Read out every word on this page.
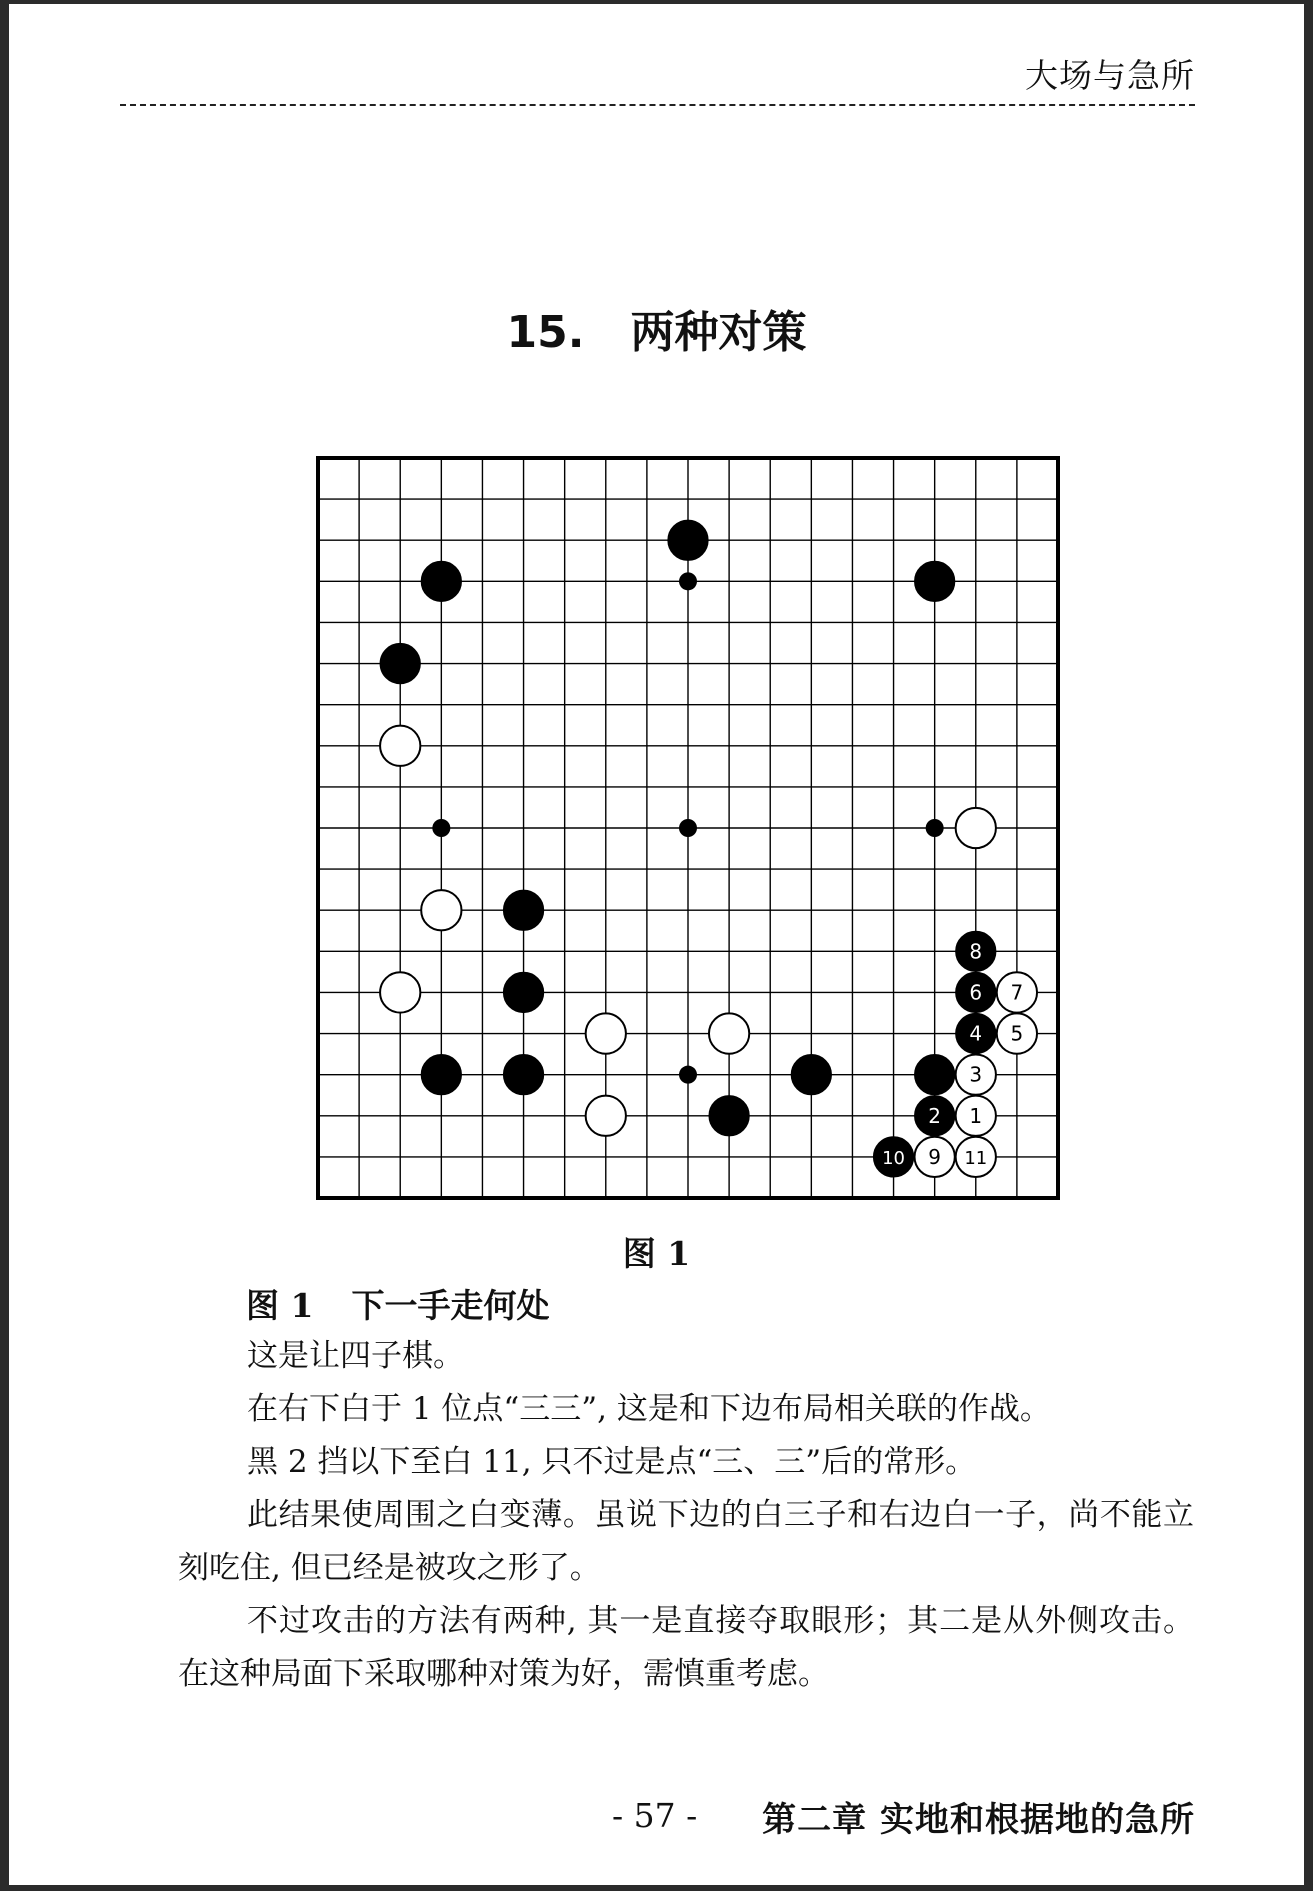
大场与急所
15. 两种对策
1
2
3
4 5
6 7
8
9
10	11
图 1
图 1 下一手走何处

这是让四子棋。

在右下白于 1 位点“三三”, 这是和下边布局相关联的作战。

黑 2 挡以下至白 11, 只不过是点“三、三”后的常形。

此结果使周围之白变薄。虽说下边的白三子和右边白一子，尚不能立刻吃住, 但已经是被攻之形了。

不过攻击的方法有两种, 其一是直接夺取眼形；其二是从外侧攻击。在这种局面下采取哪种对策为好，需慎重考虑。

- 57 - 第二章 实地和根据地的急所
